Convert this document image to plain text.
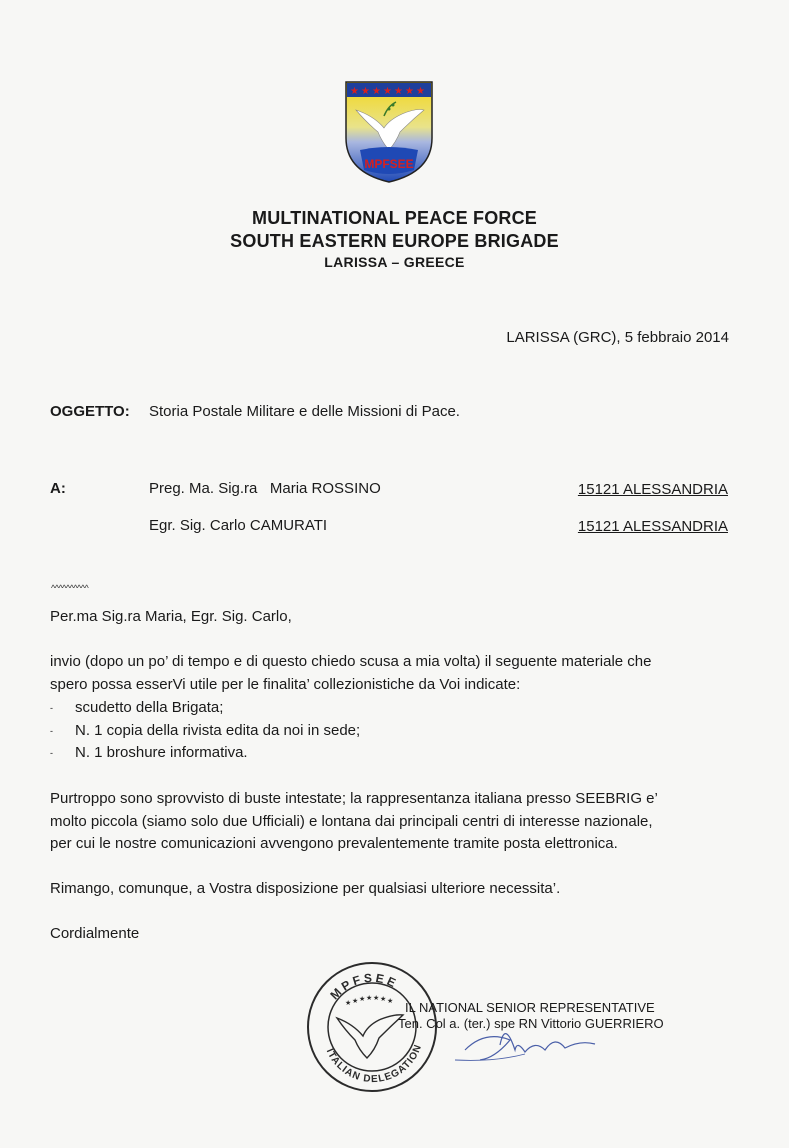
★ ★ ★ ★ ★ ★ ★
MPFSEE
MULTINATIONAL PEACE FORCE
SOUTH EASTERN EUROPE BRIGADE
LARISSA – GREECE
LARISSA (GRC), 5 febbraio 2014
OGGETTO: Storia Postale Militare e delle Missioni di Pace.
A:	Preg. Ma. Sig.ra   Maria ROSSINO	15121 ALESSANDRIA
Egr. Sig. Carlo CAMURATI	15121 ALESSANDRIA
^^^^^^^^^^
Per.ma Sig.ra Maria, Egr. Sig. Carlo,
invio (dopo un po’ di tempo e di questo chiedo scusa a mia volta) il seguente materiale che
spero possa esserVi utile per le finalita’ collezionistiche da Voi indicate:
- scudetto della Brigata;
- N. 1 copia della rivista edita da noi in sede;
- N. 1 broshure informativa.
Purtroppo sono sprovvisto di buste intestate; la rappresentanza italiana presso SEEBRIG e’
molto piccola (siamo solo due Ufficiali) e lontana dai principali centri di interesse nazionale,
per cui le nostre comunicazioni avvengono prevalentemente tramite posta elettronica.
Rimango, comunque, a Vostra disposizione per qualsiasi ulteriore necessita’.
Cordialmente
MPFSEE
ITALIAN DELEGATION
★ ★ ★ ★ ★ ★ ★ IL NATIONAL SENIOR REPRESENTATIVE
Ten. Col a. (ter.) spe RN Vittorio GUERRIERO
